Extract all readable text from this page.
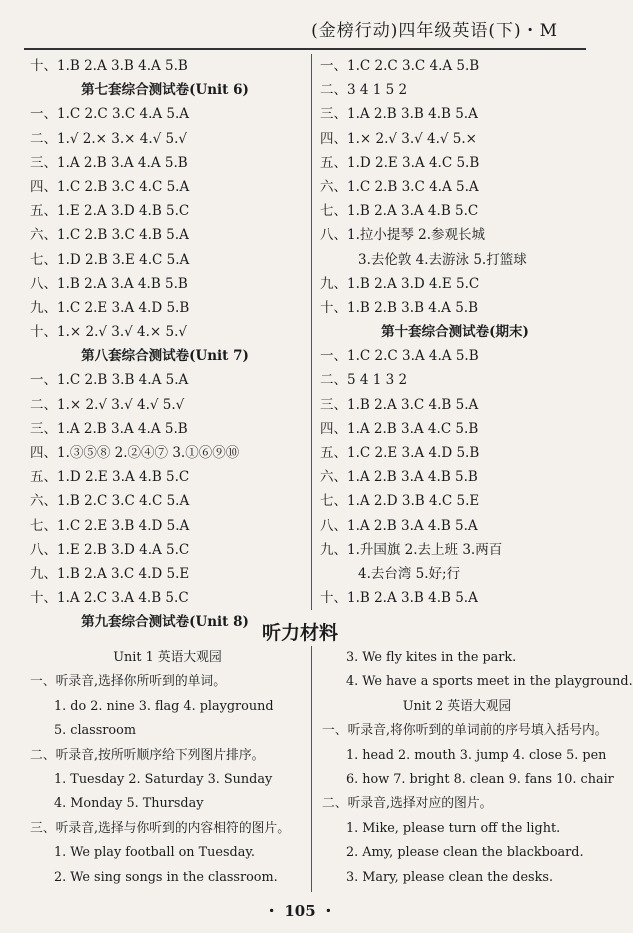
(金榜行动)四年级英语(下)・M
十、1.B 2.A 3.B 4.A 5.B
第七套综合测试卷(Unit 6)
一、1.C 2.C 3.C 4.A 5.A
二、1.√ 2.× 3.× 4.√ 5.√
三、1.A 2.B 3.A 4.A 5.B
四、1.C 2.B 3.C 4.C 5.A
五、1.E 2.A 3.D 4.B 5.C
六、1.C 2.B 3.C 4.B 5.A
七、1.D 2.B 3.E 4.C 5.A
八、1.B 2.A 3.A 4.B 5.B
九、1.C 2.E 3.A 4.D 5.B
十、1.× 2.√ 3.√ 4.× 5.√
第八套综合测试卷(Unit 7)
一、1.C 2.B 3.B 4.A 5.A
二、1.× 2.√ 3.√ 4.√ 5.√
三、1.A 2.B 3.A 4.A 5.B
四、1.③⑤⑧ 2.②④⑦ 3.①⑥⑨⑩
五、1.D 2.E 3.A 4.B 5.C
六、1.B 2.C 3.C 4.C 5.A
七、1.C 2.E 3.B 4.D 5.A
八、1.E 2.B 3.D 4.A 5.C
九、1.B 2.A 3.C 4.D 5.E
十、1.A 2.C 3.A 4.B 5.C
第九套综合测试卷(Unit 8)
一、1.C 2.C 3.C 4.A 5.B
二、3 4 1 5 2
三、1.A 2.B 3.B 4.B 5.A
四、1.× 2.√ 3.√ 4.√ 5.×
五、1.D 2.E 3.A 4.C 5.B
六、1.C 2.B 3.C 4.A 5.A
七、1.B 2.A 3.A 4.B 5.C
八、1.拉小提琴 2.参观长城
3.去伦敦 4.去游泳 5.打篮球
九、1.B 2.A 3.D 4.E 5.C
十、1.B 2.B 3.B 4.A 5.B
第十套综合测试卷(期末)
一、1.C 2.C 3.A 4.A 5.B
二、5 4 1 3 2
三、1.B 2.A 3.C 4.B 5.A
四、1.A 2.B 3.A 4.C 5.B
五、1.C 2.E 3.A 4.D 5.B
六、1.A 2.B 3.A 4.B 5.B
七、1.A 2.D 3.B 4.C 5.E
八、1.A 2.B 3.A 4.B 5.A
九、1.升国旗 2.去上班 3.两百
4.去台湾 5.好;行
十、1.B 2.A 3.B 4.B 5.A
听力材料
Unit 1 英语大观园
一、听录音,选择你所听到的单词。
1. do 2. nine 3. flag 4. playground
5. classroom
二、听录音,按所听顺序给下列图片排序。
1. Tuesday 2. Saturday 3. Sunday
4. Monday 5. Thursday
三、听录音,选择与你听到的内容相符的图片。
1. We play football on Tuesday.
2. We sing songs in the classroom.
3. We fly kites in the park.
4. We have a sports meet in the playground.
Unit 2 英语大观园
一、听录音,将你听到的单词前的序号填入括号内。
1. head 2. mouth 3. jump 4. close 5. pen
6. how 7. bright 8. clean 9. fans 10. chair
二、听录音,选择对应的图片。
1. Mike, please turn off the light.
2. Amy, please clean the blackboard.
3. Mary, please clean the desks.
・ 105 ・
